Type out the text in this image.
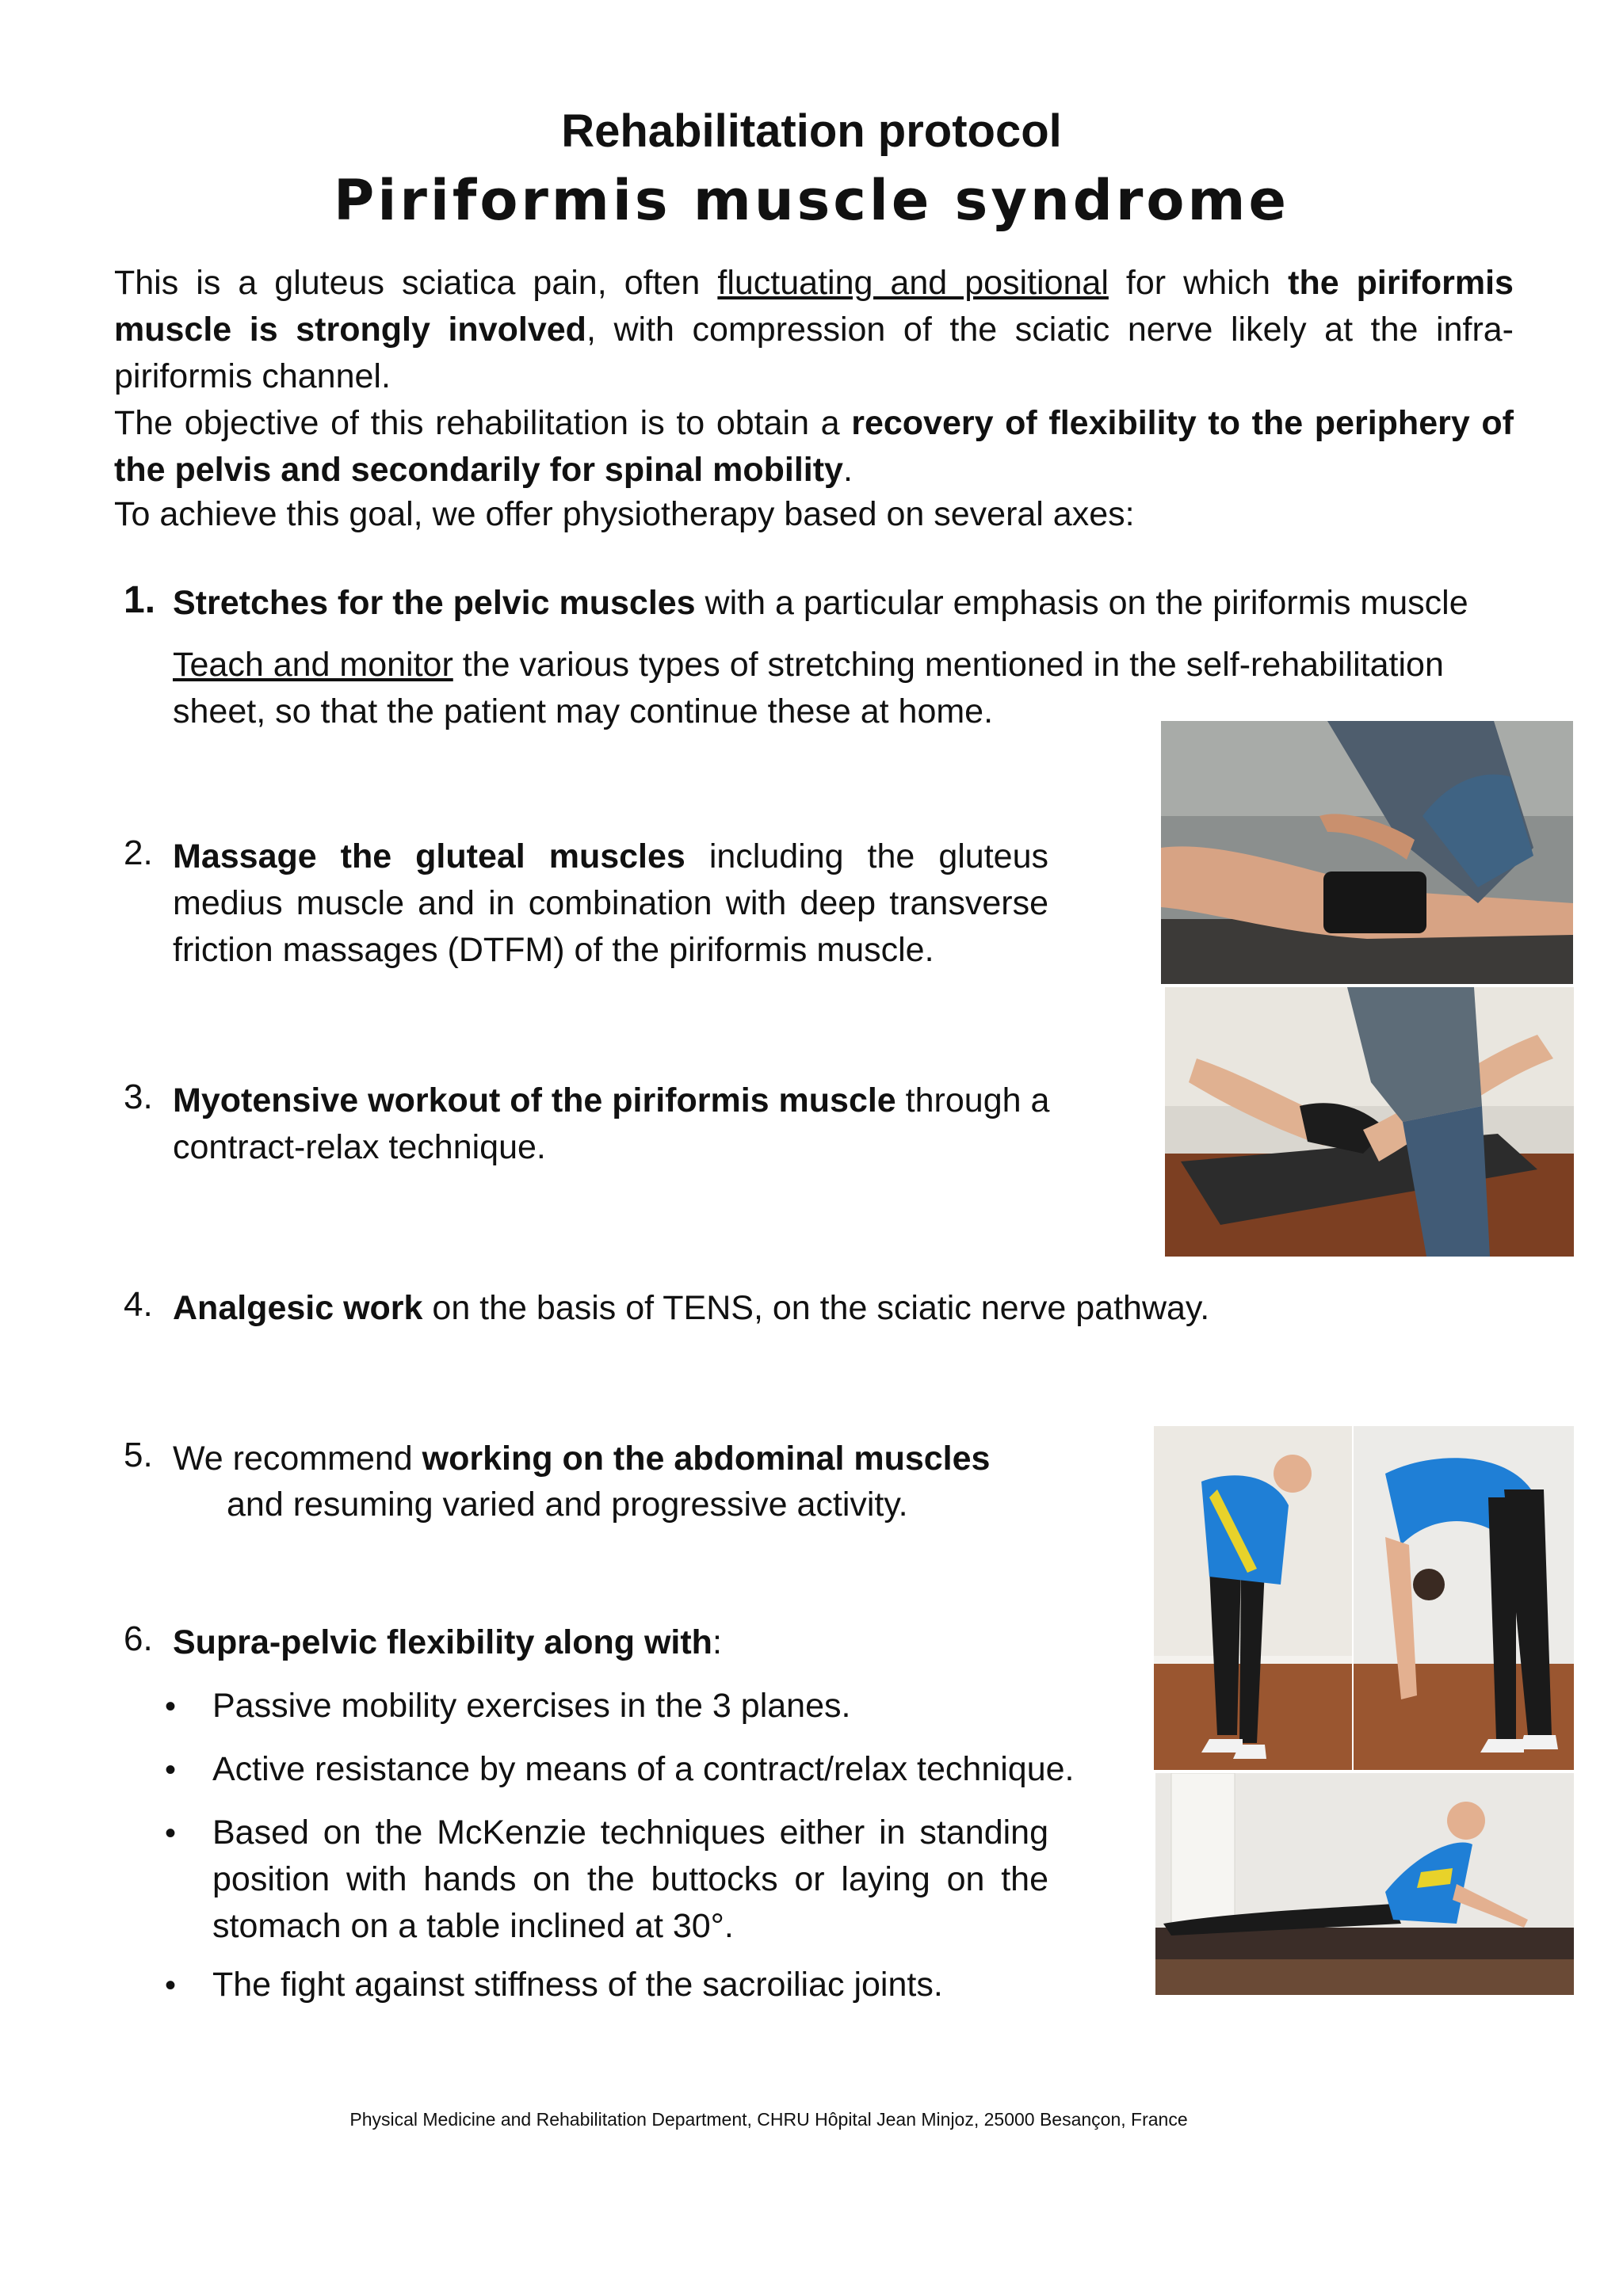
Rehabilitation protocol
Piriformis muscle syndrome
This is a gluteus sciatica pain, often fluctuating and positional for which the piriformis muscle is strongly involved, with compression of the sciatic nerve likely at the infra-piriformis channel.
The objective of this rehabilitation is to obtain a recovery of flexibility to the periphery of the pelvis and secondarily for spinal mobility.
To achieve this goal, we offer physiotherapy based on several axes:
1. Stretches for the pelvic muscles with a particular emphasis on the piriformis muscle
Teach and monitor the various types of stretching mentioned in the self-rehabilitation sheet, so that the patient may continue these at home.
2. Massage the gluteal muscles including the gluteus medius muscle and in combination with deep transverse friction massages (DTFM) of the piriformis muscle.
3. Myotensive workout of the piriformis muscle through a contract-relax technique.
4. Analgesic work on the basis of TENS, on the sciatic nerve pathway.
5. We recommend working on the abdominal muscles
and resuming varied and progressive activity.
6. Supra-pelvic flexibility along with:
• Passive mobility exercises in the 3 planes.
• Active resistance by means of a contract/relax technique.
• Based on the McKenzie techniques either in standing position with hands on the buttocks or laying on the stomach on a table inclined at 30°.
• The fight against stiffness of the sacroiliac joints.
Physical Medicine and Rehabilitation Department, CHRU Hôpital Jean Minjoz, 25000 Besançon, France
